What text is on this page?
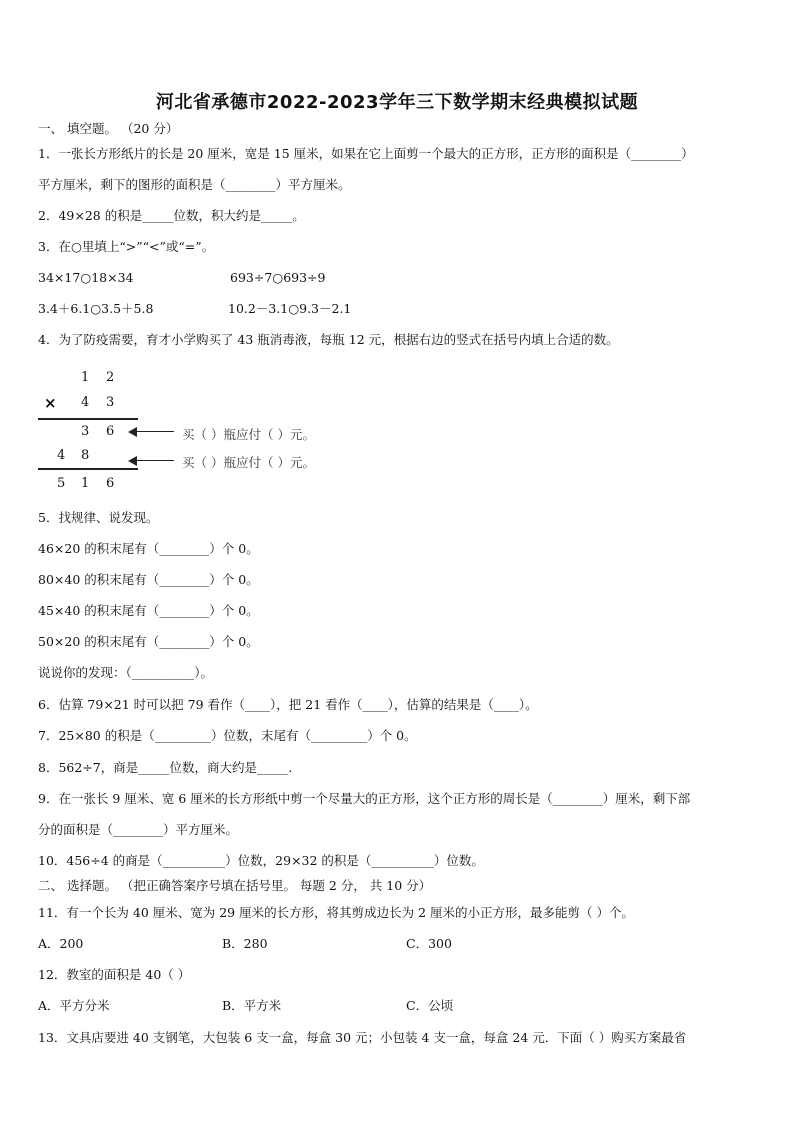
河北省承德市2022-2023学年三下数学期末经典模拟试题
一、 填空题。 （20 分）
1．一张长方形纸片的长是 20 厘米，宽是 15 厘米，如果在它上面剪一个最大的正方形，正方形的面积是（________）
平方厘米，剩下的图形的面积是（________）平方厘米。
2．49×28 的积是_____位数，积大约是_____。
3．在○里填上“>”“<”或“=”。
34×17○18×34	693÷7○693÷9
3.4＋6.1○3.5＋5.8	10.2－3.1○9.3－2.1
4．为了防疫需要，育才小学购买了 43 瓶消毒液，每瓶 12 元，根据右边的竖式在括号内填上合适的数。
1 2
× 4 3
3 6	买（ ）瓶应付（ ）元。
4 8	买（ ）瓶应付（ ）元。
5 1 6
5．找规律、说发现。
46×20 的积末尾有（________）个 0。
80×40 的积末尾有（________）个 0。
45×40 的积末尾有（________）个 0。
50×20 的积末尾有（________）个 0。
说说你的发现：（__________）。
6．估算 79×21 时可以把 79 看作（____），把 21 看作（____），估算的结果是（____）。
7．25×80 的积是（_________）位数，末尾有（_________）个 0。
8．562÷7，商是_____位数，商大约是_____.
9．在一张长 9 厘米、宽 6 厘米的长方形纸中剪一个尽量大的正方形，这个正方形的周长是（________）厘米，剩下部
分的面积是（________）平方厘米。
10．456÷4 的商是（__________）位数，29×32 的积是（__________）位数。
二、 选择题。 （把正确答案序号填在括号里。 每题 2 分， 共 10 分）
11．有一个长为 40 厘米、宽为 29 厘米的长方形，将其剪成边长为 2 厘米的小正方形，最多能剪（ ）个。
A．200	B．280	C．300
12．教室的面积是 40（ ）
A．平方分米	B．平方米	C．公顷
13．文具店要进 40 支钢笔，大包装 6 支一盒，每盒 30 元；小包装 4 支一盒，每盒 24 元．下面（ ）购买方案最省
